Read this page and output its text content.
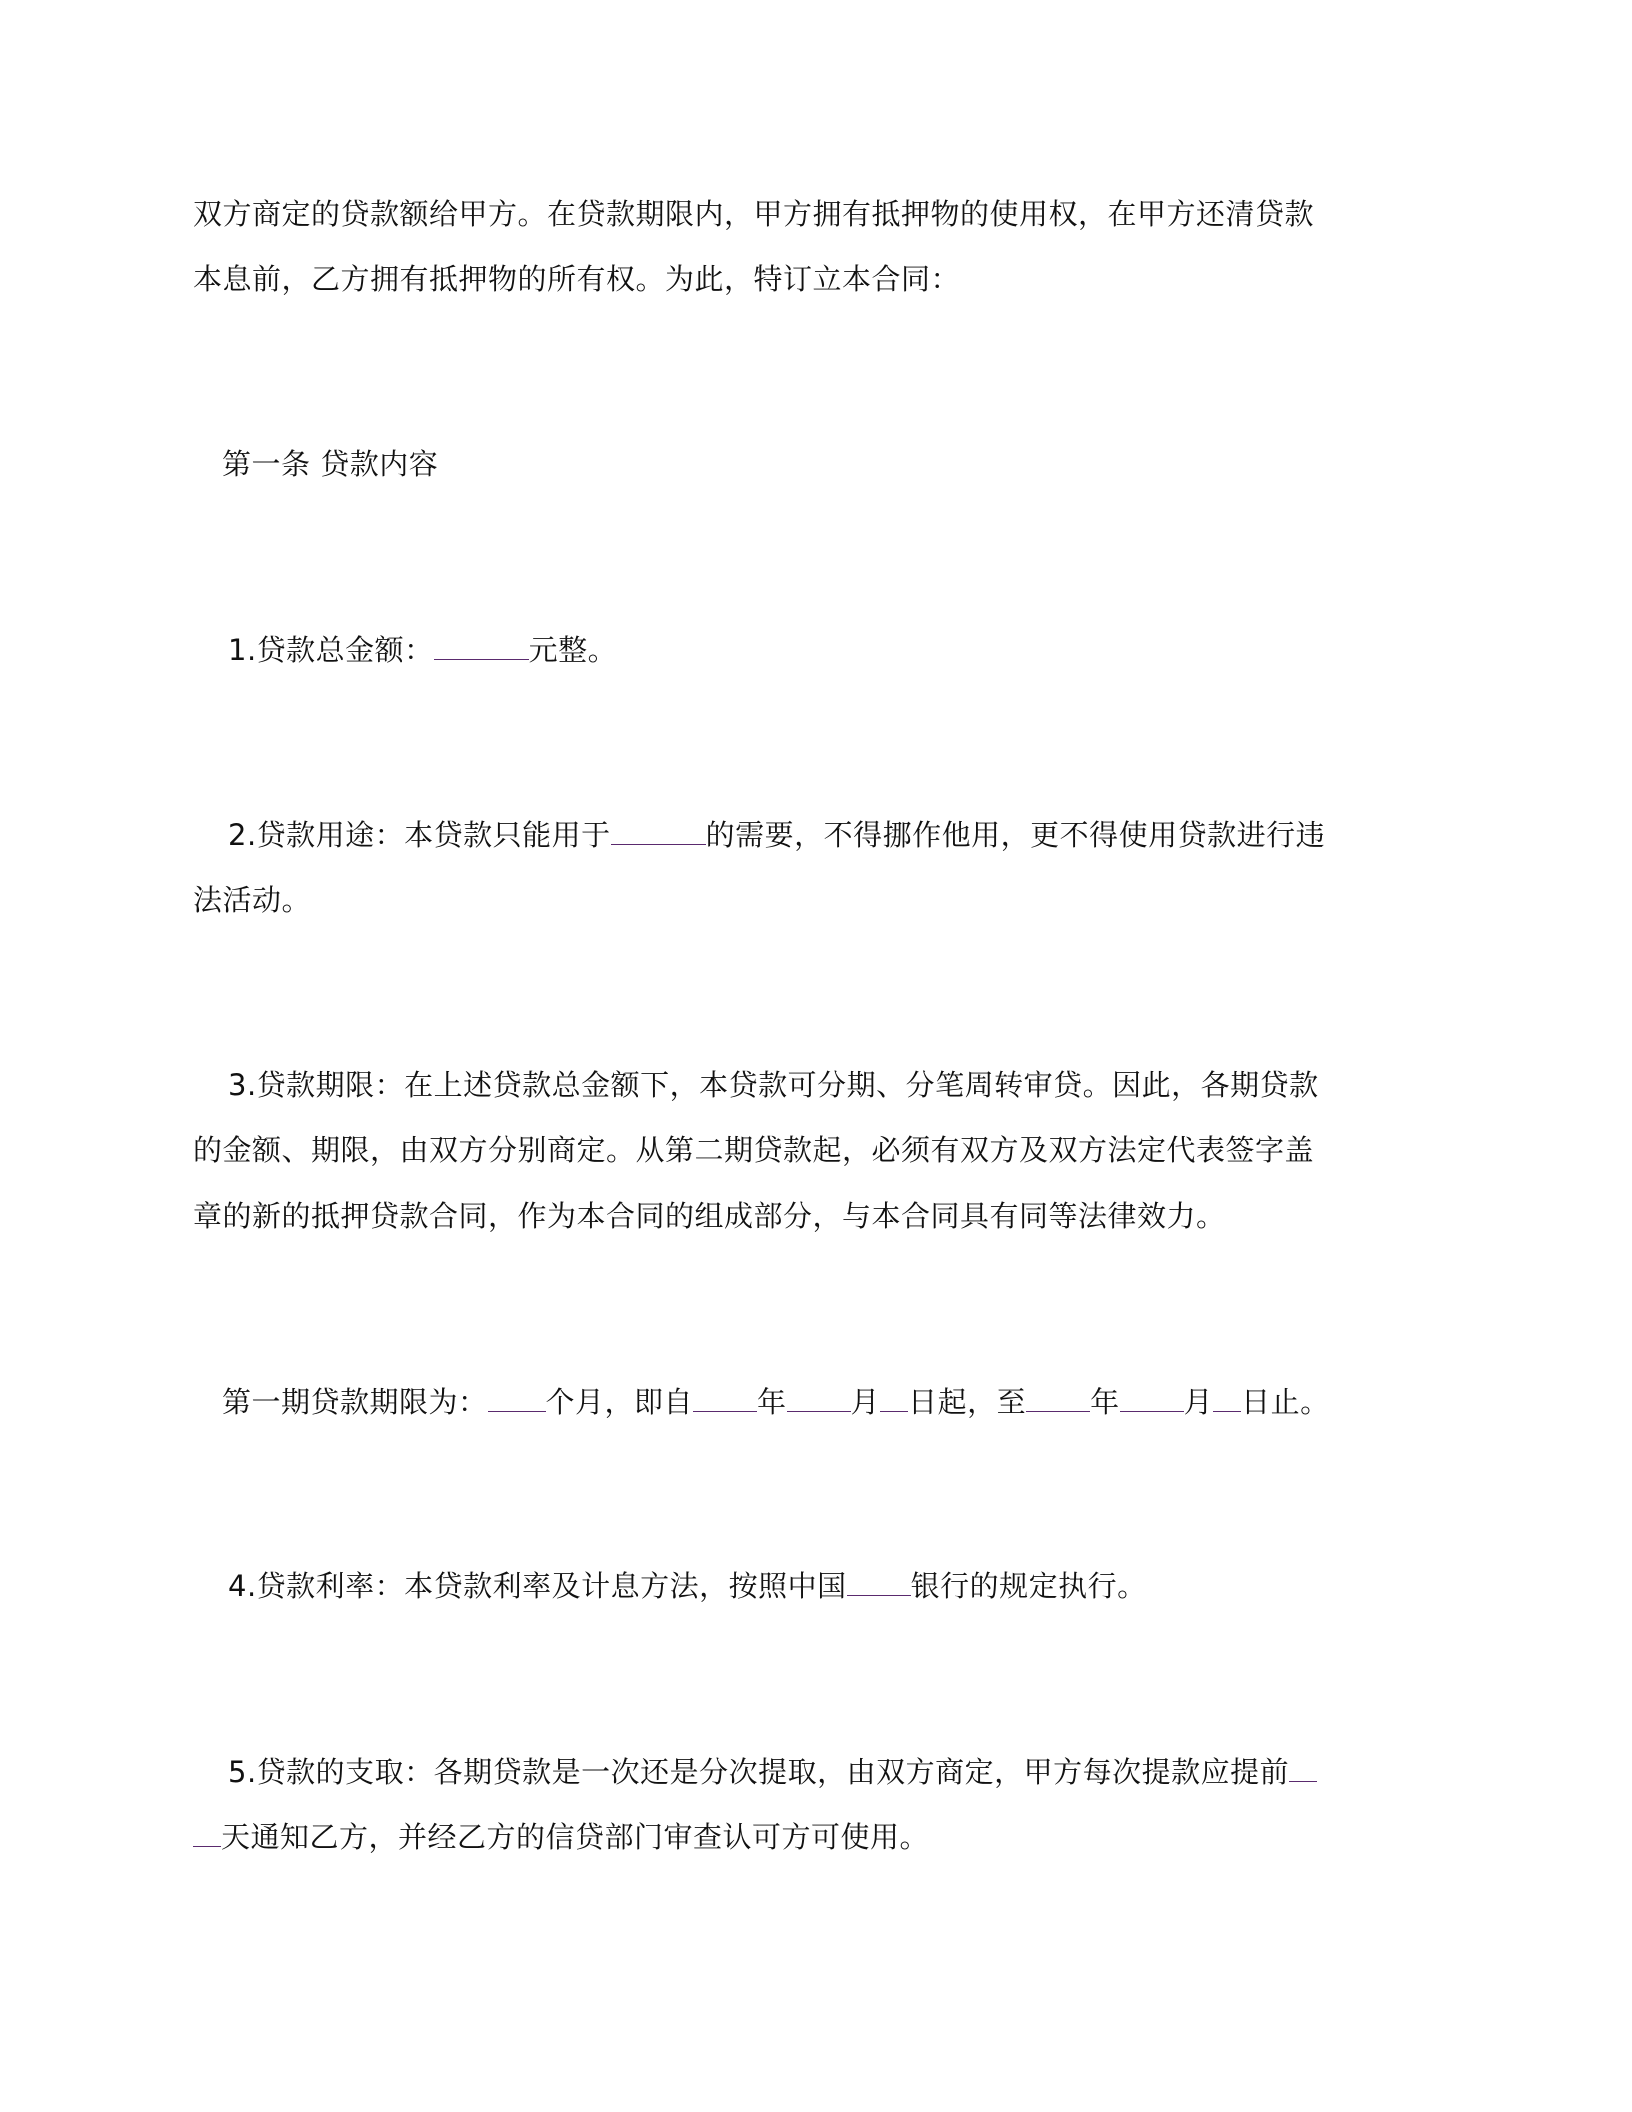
双方商定的贷款额给甲方。在贷款期限内，甲方拥有抵押物的使用权，在甲方还清贷款
本息前，乙方拥有抵押物的所有权。为此，特订立本合同：
第一条 贷款内容
1.贷款总金额：	元整。
2.贷款用途：本贷款只能用于	的需要，不得挪作他用，更不得使用贷款进行违
法活动。
3.贷款期限：在上述贷款总金额下，本贷款可分期、分笔周转审贷。因此，各期贷款
的金额、期限，由双方分别商定。从第二期贷款起，必须有双方及双方法定代表签字盖
章的新的抵押贷款合同，作为本合同的组成部分，与本合同具有同等法律效力。
第一期贷款期限为： 个月，即自 年 月 日起，至 年 月 日止。
4.贷款利率：本贷款利率及计息方法，按照中国 银行的规定执行。
5.贷款的支取：各期贷款是一次还是分次提取，由双方商定，甲方每次提款应提前
天通知乙方，并经乙方的信贷部门审查认可方可使用。
